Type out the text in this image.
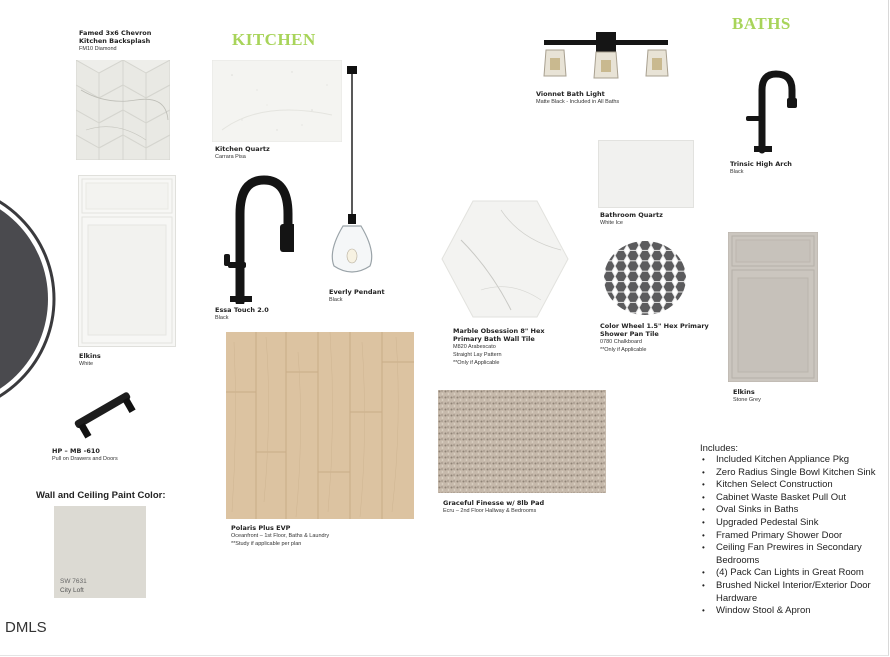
KITCHEN
BATHS
Famed 3x6 Chevron Kitchen Backsplash
FM10 Diamond
Elkins
White
HP – MB -610
Pull on Drawers and Doors
Wall and Ceiling Paint Color:
SW 7631
City Loft
DMLS
Kitchen Quartz
Carrara Pisa
Essa Touch 2.0
Black
Everly Pendant
Black
Polaris Plus EVP
Oceanfront – 1st Floor, Baths & Laundry
**Study if applicable per plan
Vionnet Bath Light
Matte Black - Included in All Baths
Trinsic High Arch
Black
Bathroom Quartz
White Ice
Marble Obsession 8" Hex Primary Bath Wall Tile
M820 Arabescato
Straight Lay Pattern
**Only if Applicable
Color Wheel 1.5" Hex Primary Shower Pan Tile
0780 Chalkboard
**Only if Applicable
Graceful Finesse w/ 8lb Pad
Ecru – 2nd Floor Hallway & Bedrooms
Elkins
Stone Grey
Includes:
• Included Kitchen Appliance Pkg
• Zero Radius Single Bowl Kitchen Sink
• Kitchen Select Construction
• Cabinet Waste Basket Pull Out
• Oval Sinks in Baths
• Upgraded Pedestal Sink
• Framed Primary Shower Door
• Ceiling Fan Prewires in Secondary Bedrooms
• (4) Pack Can Lights in Great Room
• Brushed Nickel Interior/Exterior Door Hardware
• Window Stool & Apron
